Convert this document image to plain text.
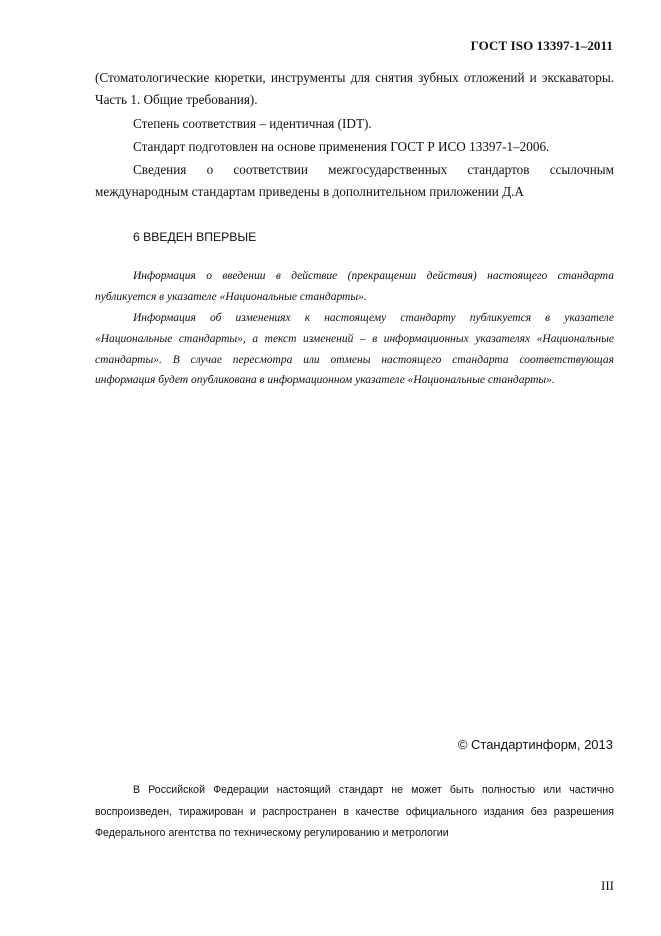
ГОСТ ISO 13397-1–2011
(Стоматологические кюретки, инструменты для снятия зубных отложений и экскаваторы.
Часть 1. Общие требования).
Степень соответствия – идентичная (IDT).
Стандарт подготовлен на основе применения ГОСТ Р ИСО 13397-1–2006.
Сведения о соответствии межгосударственных стандартов ссылочным
международным стандартам приведены в дополнительном приложении Д.А
6 ВВЕДЕН ВПЕРВЫЕ
Информация о введении в действие (прекращении действия) настоящего стандарта
публикуется в указателе «Национальные стандарты».
Информация об изменениях к настоящему стандарту публикуется в указателе
«Национальные стандарты», а текст изменений – в информационных указателях «Национальные
стандарты». В случае пересмотра или отмены настоящего стандарта соответствующая
информация будет опубликована в информационном указателе «Национальные стандарты».
© Стандартинформ, 2013
В Российской Федерации настоящий стандарт не может быть полностью или частично
воспроизведен, тиражирован и распространен в качестве официального издания без разрешения
Федерального агентства по техническому регулированию и метрологии
III
